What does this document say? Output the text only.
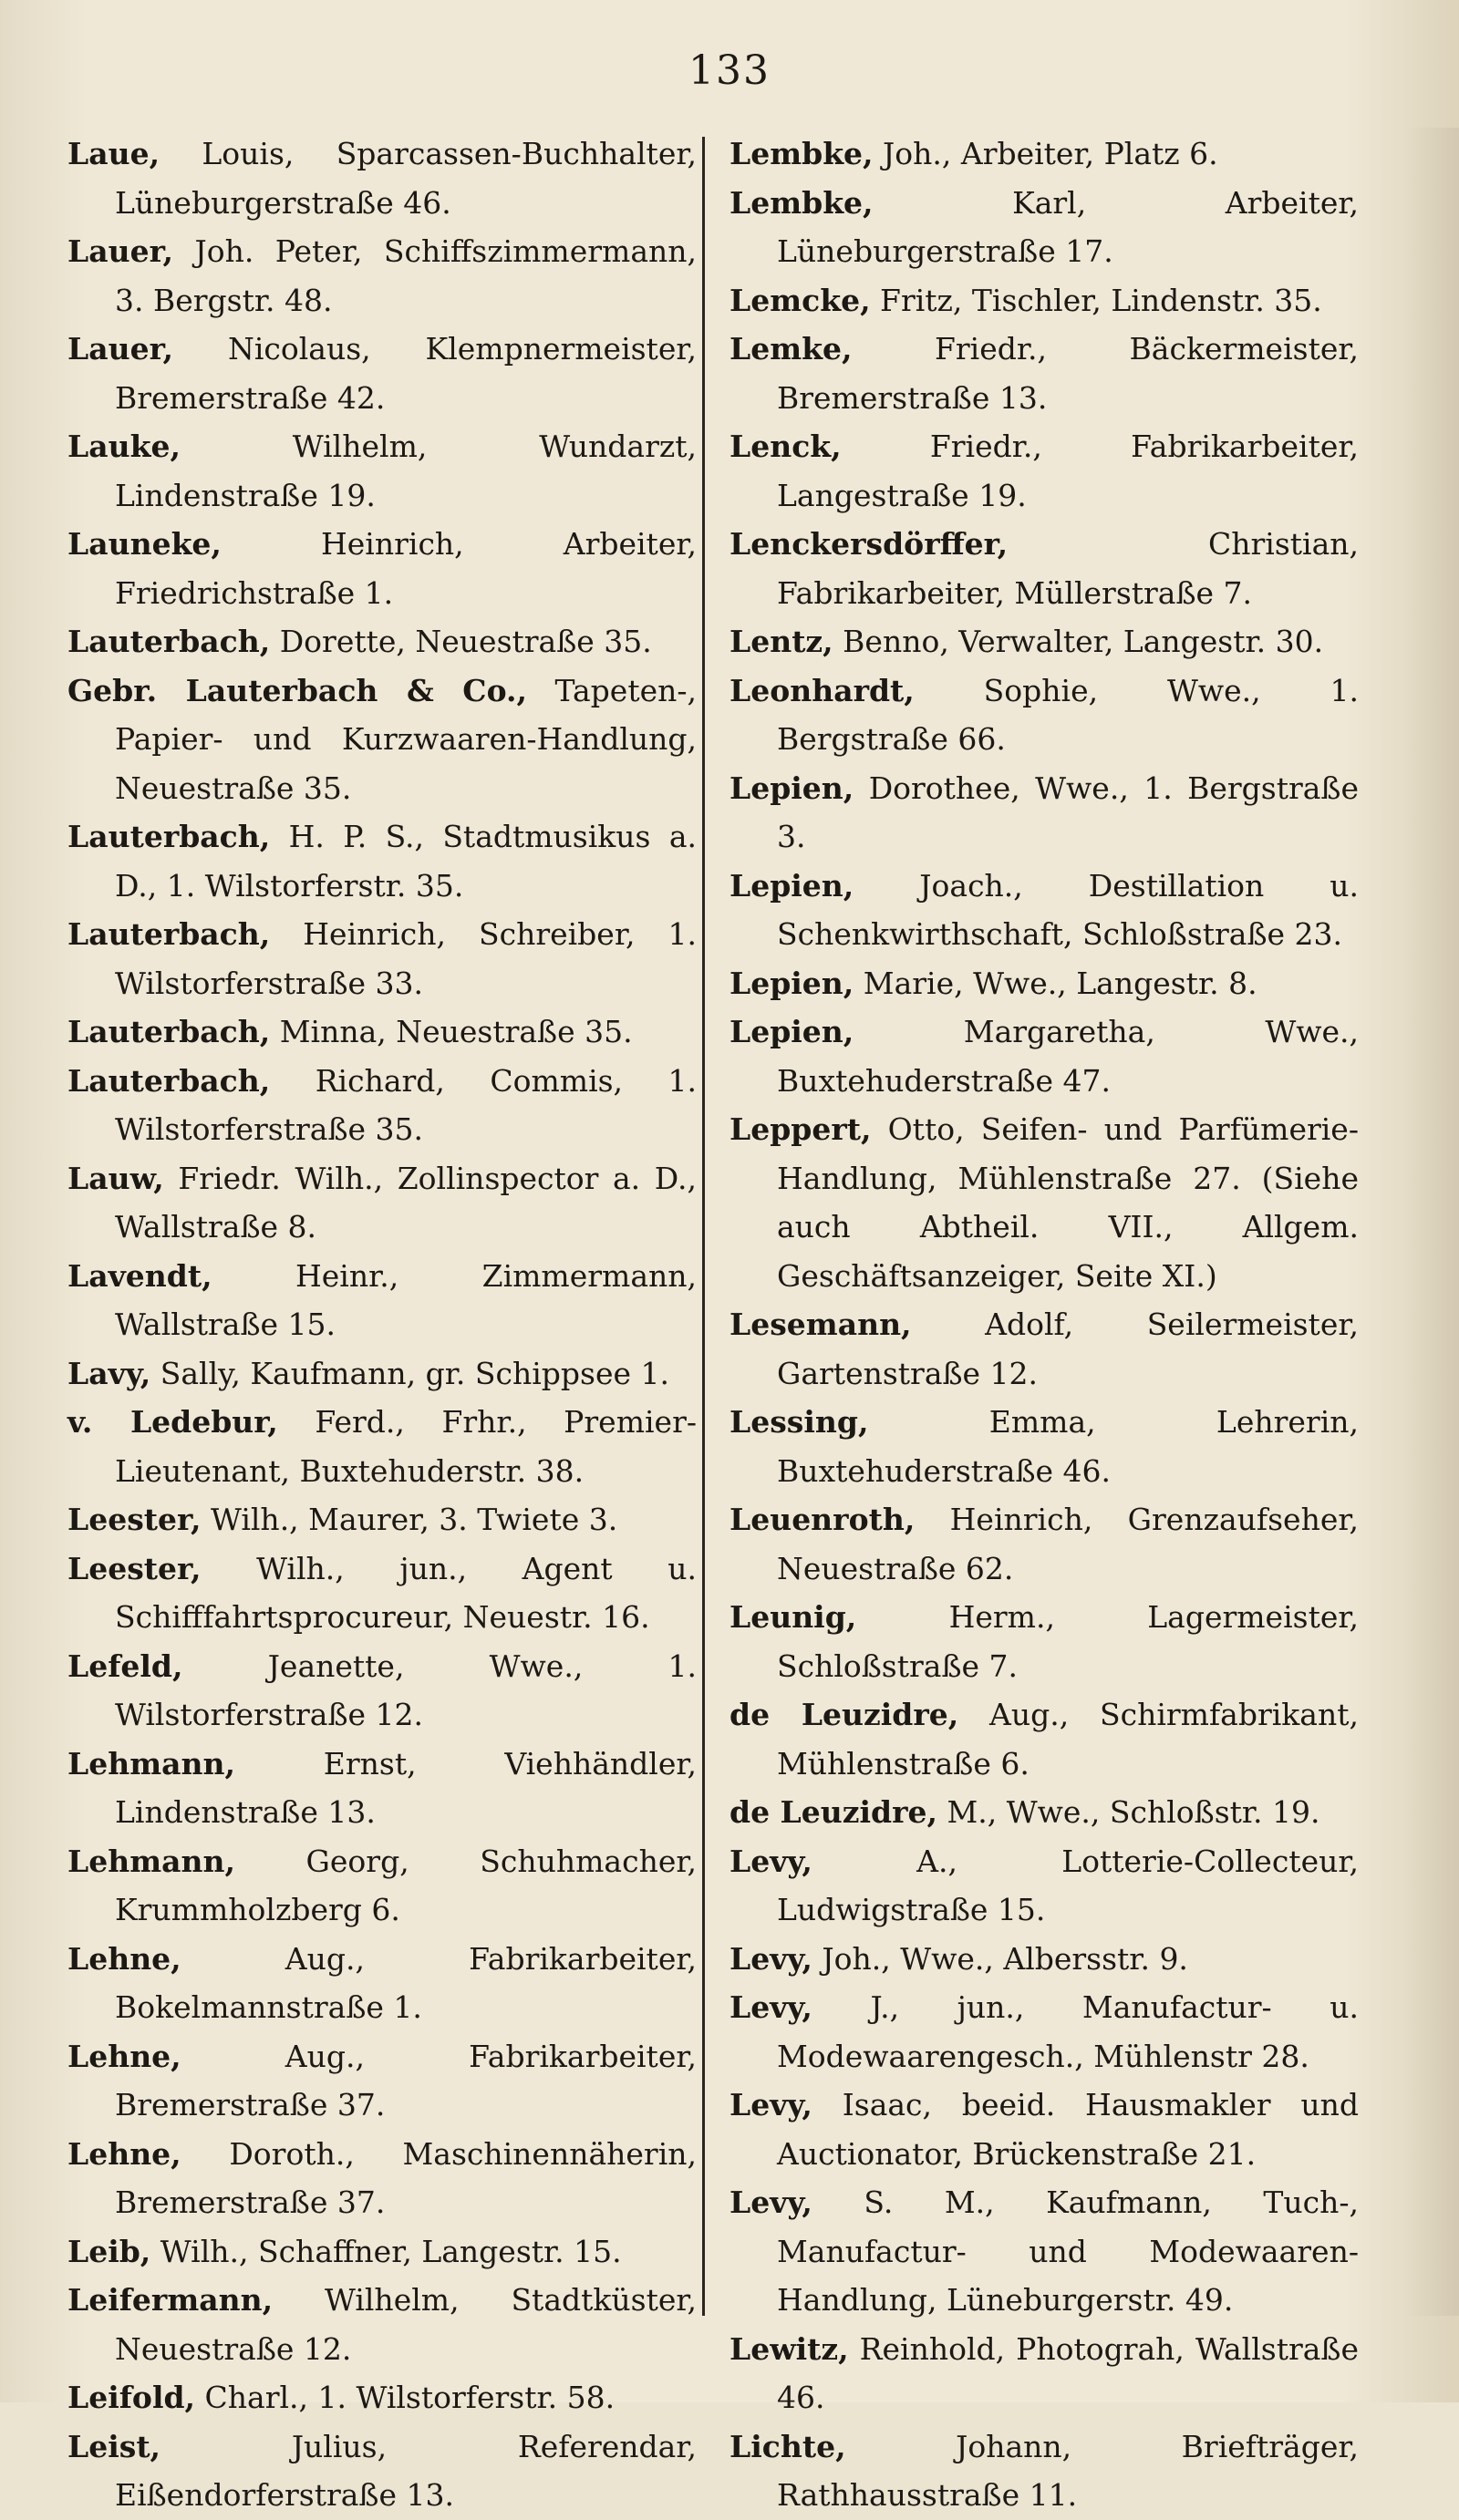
133
Laue, Louis, Sparcassen-Buchhalter, Lüneburgerstraße 46.
Lauer, Joh. Peter, Schiffszimmermann, 3. Bergstr. 48.
Lauer, Nicolaus, Klempnermeister, Bremerstraße 42.
Lauke, Wilhelm, Wundarzt, Lindenstraße 19.
Launeke, Heinrich, Arbeiter, Friedrichstraße 1.
Lauterbach, Dorette, Neuestraße 35.
Gebr. Lauterbach & Co., Tapeten-, Papier- und Kurzwaaren-Handlung, Neuestraße 35.
Lauterbach, H. P. S., Stadtmusikus a. D., 1. Wilstorferstr. 35.
Lauterbach, Heinrich, Schreiber, 1. Wilstorferstraße 33.
Lauterbach, Minna, Neuestraße 35.
Lauterbach, Richard, Commis, 1. Wilstorferstraße 35.
Lauw, Friedr. Wilh., Zollinspector a. D., Wallstraße 8.
Lavendt, Heinr., Zimmermann, Wallstraße 15.
Lavy, Sally, Kaufmann, gr. Schippsee 1.
v. Ledebur, Ferd., Frhr., Premier-Lieutenant, Buxtehuderstr. 38.
Leester, Wilh., Maurer, 3. Twiete 3.
Leester, Wilh., jun., Agent u. Schifffahrtsprocureur, Neuestr. 16.
Lefeld, Jeanette, Wwe., 1. Wilstorferstraße 12.
Lehmann, Ernst, Viehhändler, Lindenstraße 13.
Lehmann, Georg, Schuhmacher, Krummholzberg 6.
Lehne, Aug., Fabrikarbeiter, Bokelmannstraße 1.
Lehne, Aug., Fabrikarbeiter, Bremerstraße 37.
Lehne, Doroth., Maschinennäherin, Bremerstraße 37.
Leib, Wilh., Schaffner, Langestr. 15.
Leifermann, Wilhelm, Stadtküster, Neuestraße 12.
Leifold, Charl., 1. Wilstorferstr. 58.
Leist, Julius, Referendar, Eißendorferstraße 13.
Lembke, Joh., Arbeiter, Platz 6.
Lembke, Karl, Arbeiter, Lüneburgerstraße 17.
Lemcke, Fritz, Tischler, Lindenstr. 35.
Lemke, Friedr., Bäckermeister, Bremerstraße 13.
Lenck, Friedr., Fabrikarbeiter, Langestraße 19.
Lenckersdörffer, Christian, Fabrikarbeiter, Müllerstraße 7.
Lentz, Benno, Verwalter, Langestr. 30.
Leonhardt, Sophie, Wwe., 1. Bergstraße 66.
Lepien, Dorothee, Wwe., 1. Bergstraße 3.
Lepien, Joach., Destillation u. Schenkwirthschaft, Schloßstraße 23.
Lepien, Marie, Wwe., Langestr. 8.
Lepien, Margaretha, Wwe., Buxtehuderstraße 47.
Leppert, Otto, Seifen- und Parfümerie-Handlung, Mühlenstraße 27. (Siehe auch Abtheil. VII., Allgem. Geschäftsanzeiger, Seite XI.)
Lesemann, Adolf, Seilermeister, Gartenstraße 12.
Lessing, Emma, Lehrerin, Buxtehuderstraße 46.
Leuenroth, Heinrich, Grenzaufseher, Neuestraße 62.
Leunig, Herm., Lagermeister, Schloßstraße 7.
de Leuzidre, Aug., Schirmfabrikant, Mühlenstraße 6.
de Leuzidre, M., Wwe., Schloßstr. 19.
Levy, A., Lotterie-Collecteur, Ludwigstraße 15.
Levy, Joh., Wwe., Albersstr. 9.
Levy, J., jun., Manufactur- u. Modewaarengesch., Mühlenstr 28.
Levy, Isaac, beeid. Hausmakler und Auctionator, Brückenstraße 21.
Levy, S. M., Kaufmann, Tuch-, Manufactur- und Modewaaren-Handlung, Lüneburgerstr. 49.
Lewitz, Reinhold, Photograh, Wallstraße 46.
Lichte, Johann, Briefträger, Rathhausstraße 11.
